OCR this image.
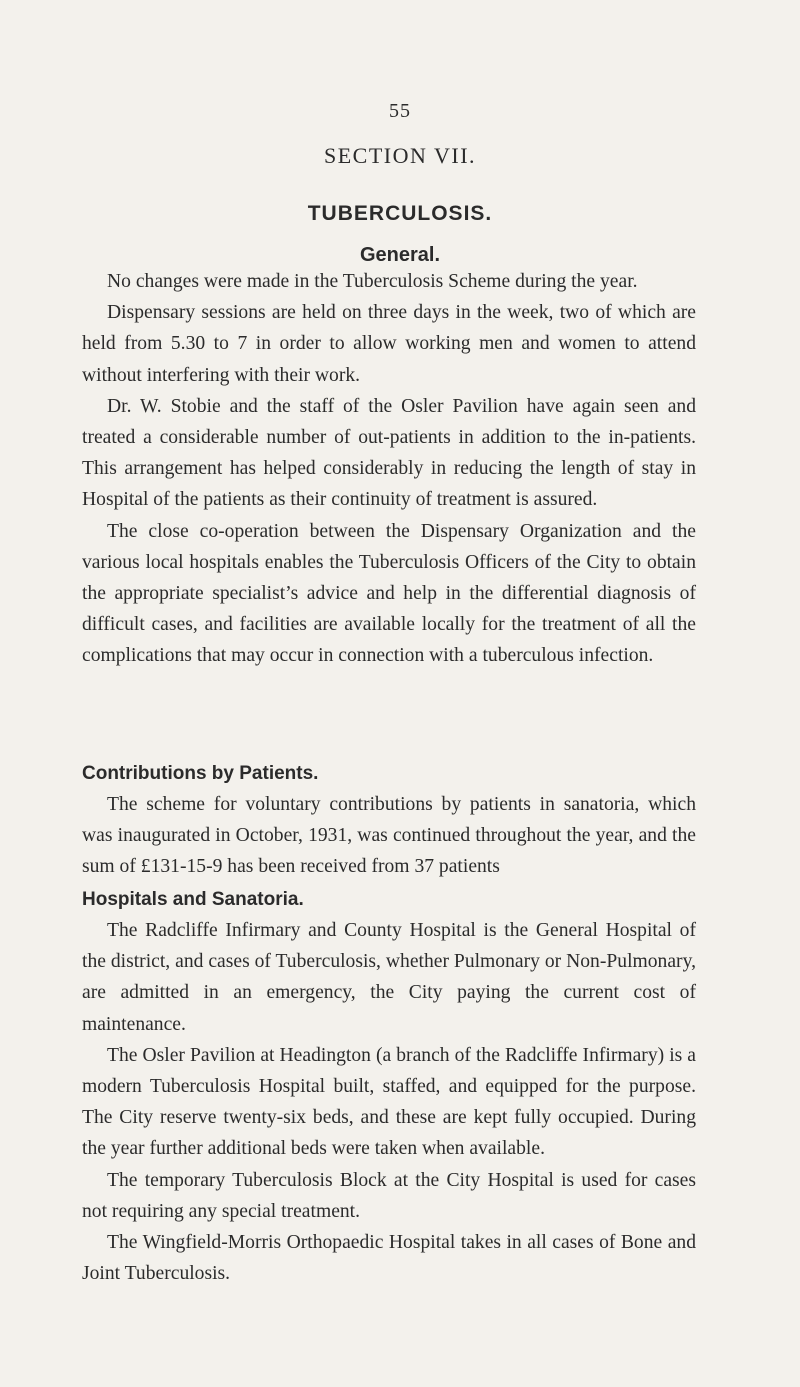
55
SECTION VII.
TUBERCULOSIS.
General.

No changes were made in the Tuberculosis Scheme during the year.

Dispensary sessions are held on three days in the week, two of which are held from 5.30 to 7 in order to allow working men and women to attend without interfering with their work.

Dr. W. Stobie and the staff of the Osler Pavilion have again seen and treated a considerable number of out-patients in addition to the in-patients. This arrangement has helped considerably in reducing the length of stay in Hospital of the patients as their continuity of treatment is assured.

The close co-operation between the Dispensary Organization and the various local hospitals enables the Tuberculosis Officers of the City to obtain the appropriate specialist’s advice and help in the differential diagnosis of difficult cases, and facilities are available locally for the treatment of all the complications that may occur in connection with a tuberculous infection.

Contributions by Patients.

The scheme for voluntary contributions by patients in sanatoria, which was inaugurated in October, 1931, was continued throughout the year, and the sum of £131-15-9 has been received from 37 patients

Hospitals and Sanatoria.

The Radcliffe Infirmary and County Hospital is the General Hospital of the district, and cases of Tuberculosis, whether Pulmonary or Non-Pulmonary, are admitted in an emergency, the City paying the current cost of maintenance.

The Osler Pavilion at Headington (a branch of the Radcliffe Infirmary) is a modern Tuberculosis Hospital built, staffed, and equipped for the purpose. The City reserve twenty-six beds, and these are kept fully occupied. During the year further additional beds were taken when available.

The temporary Tuberculosis Block at the City Hospital is used for cases not requiring any special treatment.

The Wingfield-Morris Orthopaedic Hospital takes in all cases of Bone and Joint Tuberculosis.
